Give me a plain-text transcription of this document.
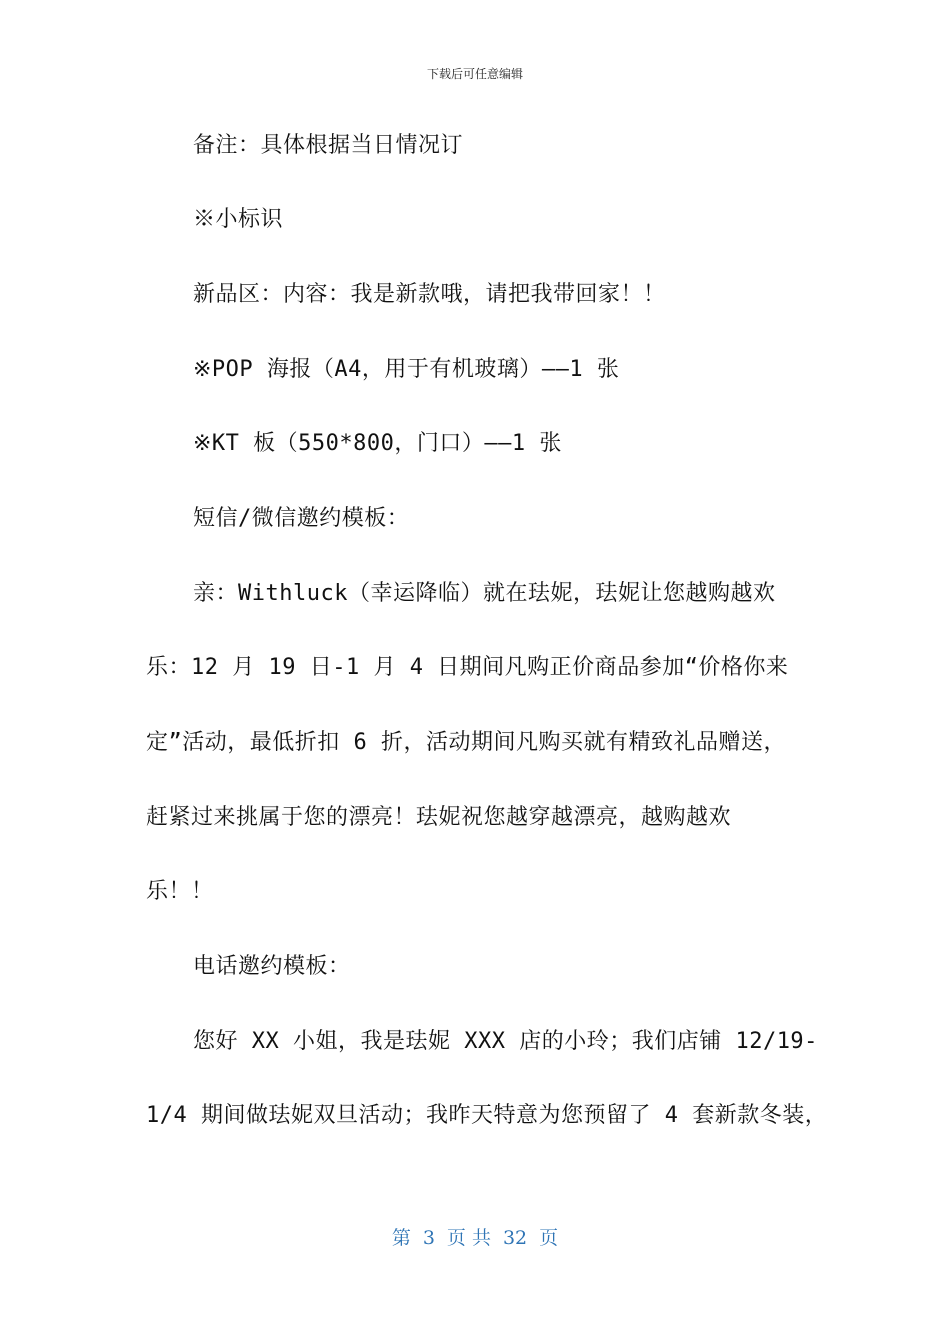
下载后可任意编辑
备注：具体根据当日情况订
※小标识
新品区：内容：我是新款哦，请把我带回家！！
※POP 海报（A4，用于有机玻璃）——1 张
※KT 板（550*800，门口）——1 张
短信/微信邀约模板：
亲：Withluck（幸运降临）就在珐妮，珐妮让您越购越欢
乐：12 月 19 日-1 月 4 日期间凡购正价商品参加“价格你来
定”活动，最低折扣 6 折，活动期间凡购买就有精致礼品赠送，
赶紧过来挑属于您的漂亮！珐妮祝您越穿越漂亮，越购越欢
乐！！
电话邀约模板：
您好 XX 小姐，我是珐妮 XXX 店的小玲；我们店铺 12/19-
1/4 期间做珐妮双旦活动；我昨天特意为您预留了 4 套新款冬装，
第 3 页 共 32 页
